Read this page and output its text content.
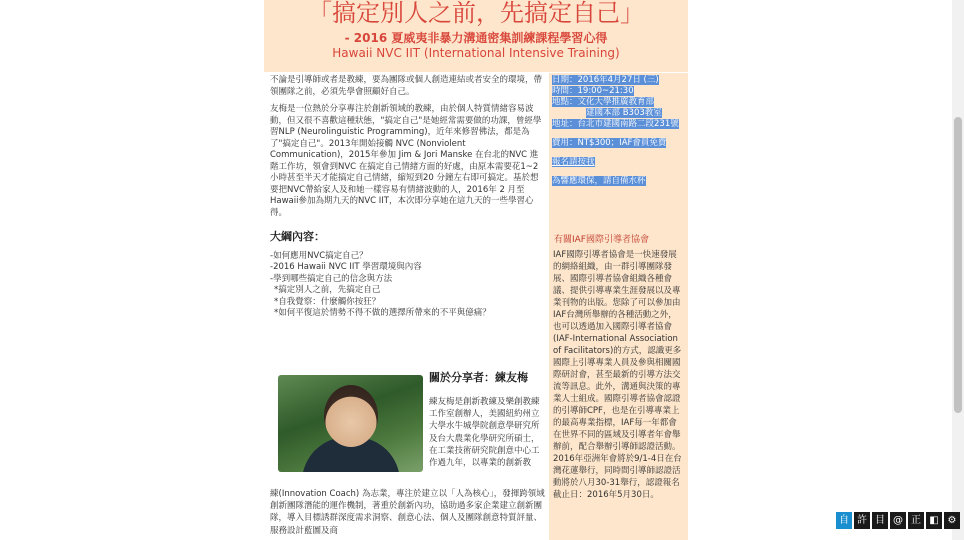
「搞定別人之前，先搞定自己」
- 2016 夏威夷非暴力溝通密集訓練課程學習心得
Hawaii NVC IIT (International Intensive Training)

不論是引導師或者是教練，要為團隊或個人創造連結或者安全的環境，帶領團隊之前，必須先學會照顧好自己。

友梅是一位熱於分享專注於創新領域的教練，由於個人特質情緒容易波動，但又很不喜歡這種狀態，"搞定自己"是她經常需要做的功課，曾經學習NLP (Neurolinguistic Programming)，近年來修習佛法，都是為了"搞定自己"。2013年開始接觸 NVC (Nonviolent Communication)，2015年參加 Jim & Jori Manske 在台北的NVC 進階工作坊，領會到NVC 在搞定自己情緒方面的好處，由原本需要花1~2 小時甚至半天才能搞定自己情緒，縮短到20 分鐘左右即可搞定。基於想要把NVC帶給家人及和她一樣容易有情緒波動的人，2016年 2 月至 Hawaii參加為期九天的NVC IIT，本次即分享她在這九天的一些學習心得。

大綱內容：
-如何應用NVC搞定自己？
-2016 Hawaii NVC IIT 學習環境與內容
-學到哪些搞定自己的信念與方法
*搞定別人之前，先搞定自己
*自我覺察：什麼觸你按狂？
*如何平復這於情勢不得不做的選擇所帶來的不平與億痛？
關於分享者：練友梅
練友梅是創新教練及樂創教練工作室創辦人，美國紐約州立大學水牛城學院創意學研究所及台大農業化學研究所碩士，在工業技術研究院創意中心工作過九年，以專業的創新教
練(Innovation Coach) 為志業，專注於建立以「人為核心」，發揮跨領域創新團隊潛能的運作機制，著重於創新內功，協助過多家企業建立創新團隊，導入目標誘群深度需求洞察、創意心法、個人及團隊創意特質評量、服務設計藍圖及商
日期：2016年4月27日 (三)
時間：19:00~21:30
地點：文化大學推廣教育部
建國本部 B303教室
地址：台北市建國南路二段231號
費用：NT$300；IAF會員免費
報名請按我
為響應環保，請自備水杯
有關IAF國際引導者協會
IAF國際引導者協會是一快速發展的網絡組織，由一群引導團隊發展、國際引導者協會組織各種會議、提供引導專業生涯發展以及專業刊物的出版。您除了可以參加由IAF台灣所舉辦的各種活動之外，也可以透過加入國際引導者協會(IAF-International Association of Facilitators)的方式，認識更多國際上引導專業人員及參與相關國際研討會，甚至最新的引導方法交流等訊息。此外，溝通與決策的專業人士組成。國際引導者協會認證的引導師CPF，也是在引導專業上的最高專業指標，IAF每一年都會在世界不同的區域及引導者年會舉辦前，配合舉辦引導師認證活動。2016年亞洲年會將於9/1-4日在台灣花蓮舉行，同時間引導師認證活動將於八月30-31舉行，認證報名截止日：2016年5月30日。
自 許 目 @ 正 ◧ ⚙
